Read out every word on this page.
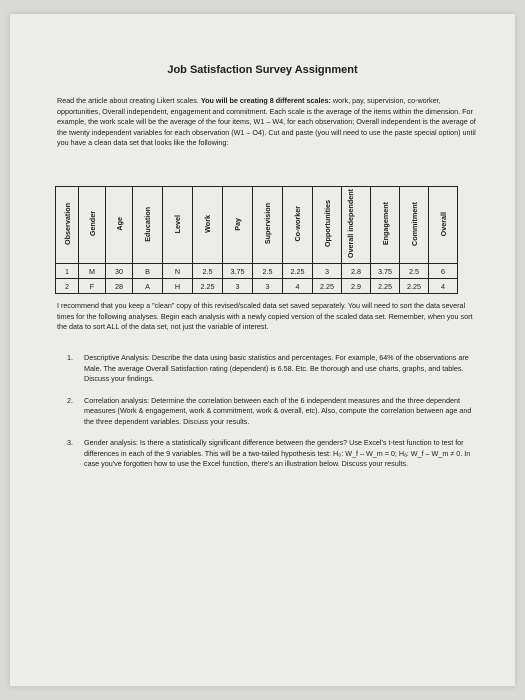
Job Satisfaction Survey Assignment
Read the article about creating Likert scales. You will be creating 8 different scales: work, pay, supervision, co-worker, opportunities, Overall independent, engagement and commitment. Each scale is the average of the items within the dimension. For example, the work scale will be the average of the four items, W1 – W4, for each observation; Overall independent is the average of the twenty independent variables for each observation (W1 – O4). Cut and paste (you will need to use the paste special option) until you have a clean data set that looks like the following:
Observation	Gender	Age	Education	Level	Work	Pay	Supervision	Co-worker	Opportunities	Overall independent	Engagement	Commitment	Overall
1	M	30	B	N	2.5	3.75	2.5	2.25	3	2.8	3.75	2.5	6
2	F	28	A	H	2.25	3	3	4	2.25	2.9	2.25	2.25	4
I recommend that you keep a "clean" copy of this revised/scaled data set saved separately. You will need to sort the data several times for the following analyses. Begin each analysis with a newly copied version of the scaled data set. Remember, when you sort the data to sort ALL of the data set, not just the variable of interest.
1. Descriptive Analysis: Describe the data using basic statistics and percentages. For example, 64% of the observations are Male. The average Overall Satisfaction rating (dependent) is 6.58. Etc. Be thorough and use charts, graphs, and tables. Discuss your findings.
2. Correlation analysis: Determine the correlation between each of the 6 independent measures and the three dependent measures (Work & engagement, work & commitment, work & overall, etc). Also, compute the correlation between age and the three dependent variables. Discuss your results.
3. Gender analysis: Is there a statistically significant difference between the genders? Use Excel's t-test function to test for differences in each of the 9 variables. This will be a two-tailed hypothesis test: H₀: W_f – W_m = 0; Hₐ: W_f – W_m ≠ 0. In case you've forgotten how to use the Excel function, there's an illustration below. Discuss your results.
